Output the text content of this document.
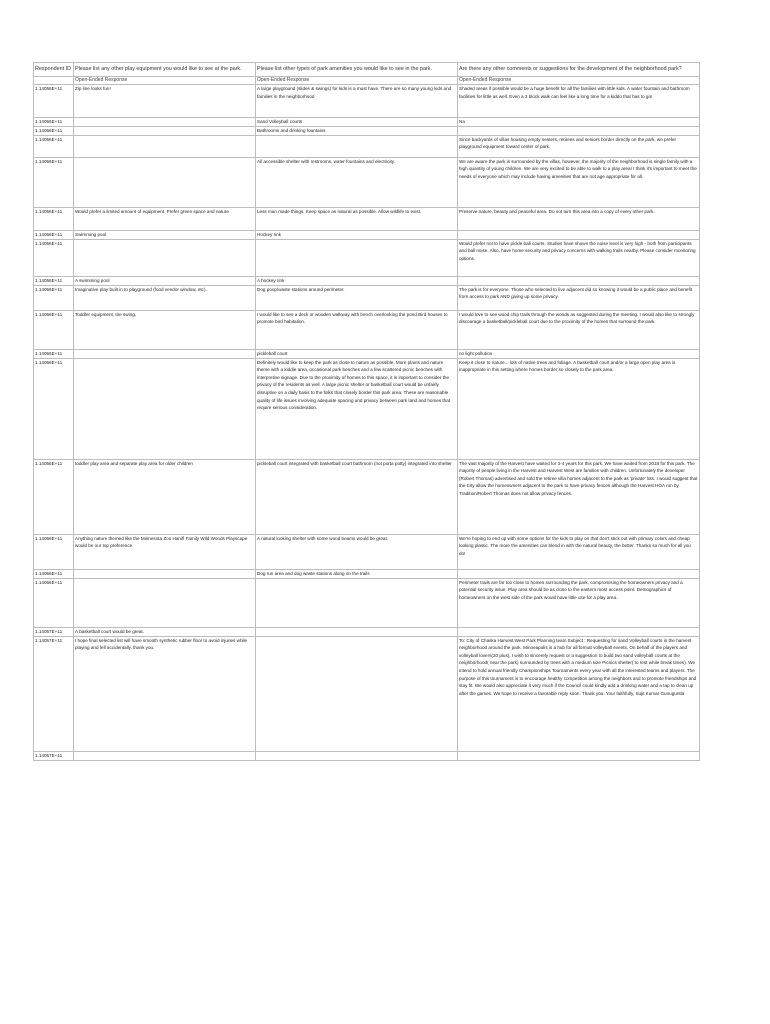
Respondent ID	Please list any other play equipment you would like to see at the park.	Please list other types of park amenities you would like to see in the park.	Are there any other comments or suggestions for the development of the neighborhood park?
	Open-Ended Response	Open-Ended Response	Open-Ended Response
1.14056E+11	Zip line looks fun!	A large playground (slides & swings) for kids is a must have. There are so many young kids and families in the neighborhood	Shaded areas if possible would be a huge benefit for all the families with little kids. A water fountain and bathroom facilities for little as well. Even a 3 block walk can feel like a long time for a kiddo that has to go!
1.14056E+11		Sand Volleyball courts	Na
1.14056E+11		Bathrooms and drinking fountains	
1.14056E+11			Since backyards of villas housing empty nesters, retirees and seniors border directly on the park, we prefer playground equipment toward center of park.
1.14056E+11		All accessible shelter with restrooms, water fountains and electricity.	We are aware the park is surrounded by the villas, however, the majority of the neighborhood is single family with a high quantity of young children. We are very excited to be able to walk to a play area! I think it's important to meet the needs of everyone which may include having amenities that are not age appropriate for all.
1.14056E+11	Would prefer a limited amount of equipment. Prefer green space and nature	Less man made things. Keep space as natural as possible. Allow wildlife to exist.	Preserve nature, beauty and peaceful area. Do not turn this area into a copy of every other park.
1.14056E+11	Swimming pool	Hockey rink	
1.14056E+11			Would prefer not to have pickle ball courts. Studies have shown the noise level is very high - both from participants and ball noise. Also, have home security and privacy concerns with walking trails nearby. Please consider monitoring options.
1.14056E+11	A swimming pool	A hockey rink	
1.14056E+11	Imaginative play built in to playground (food vendor window, etc).	Dog poop/waste stations around perimeter.	The park is for everyone. Those who selected to live adjacent did so knowing it would be a public place and benefit from access to park AND giving up some privacy.
1.14056E+11	Toddler equipment, tire swing,	I would like to see a deck or wooden walkway with bench overlooking the pond.Bird houses to promote bird habitation.	I would love to see wood chip trails through the woods as suggested during the meeting. I would also like to strongly discourage a basketball/pickleball court due to the proximity of the homes that surround the park.
1.14056E+11		pickleball court	no light pollution
1.14056E+11		Definitely would like to keep the park as close to nature as possible. More plants and nature theme with a kiddie area, occasional park benches and a few scattered picnic benches with interpretive signage. Due to the proximity of homes to this space, it is important to consider the privacy of the residents as well. A large picnic shelter or basketball court would be unfairly disruptive on a daily basis to the folks that closely border this park area. These are reasonable quality of life issues involving adequate spacing and privacy between park land and homes that require serious consideration.	Keep it close to nature... lots of native trees and foliage. A basketball court and/or a large open play area is inappropriate in this setting where homes border so closely to the park area.
1.14056E+11	toddler play area and separate play area for older children	pickleball court integrated with basketball court bathroom (not porta potty) integrated into shelter	The vast majority of the Harvest have waited for 3-4 years for this park. We have waited from 2018 for this park. The majority of people living in the Harvest and Harvest West are families with children. Unfortunately the developer (Robert Thomas) advertised and sold the retiree villa homes adjacent to the park as 'private' lots. I would suggest that the City allow the homeowners adjacent to the park to have privacy fences although the Harvest HOA run by Tradition/Robert Thomas does not allow privacy fences.
1.14056E+11	Anything nature themed like the Minnesota Zoo Hanifl Family Wild Woods Playscape would be our top preference.	A natural looking shelter with some wood beams would be great.	We're hoping to end up with some options for the kids to play on that don't stick out with primary colors and cheap looking plastic. The more the amenities can blend in with the natural beauty, the better. Thanks so much for all you do!
1.14056E+11		Dog run area and dog waste stations along on the trails	
1.14056E+11			Perimeter trails are far too close to homes surrounding the park, compromising the homeowners privacy and a potential security issue. Play area should be as close to the eastern most access point. Demographics of homeowners on the west side of the park would have little use for a play area.
1.14057E+11	A basketball court would be great.		
1.14057E+11	I hope final selected list will have smooth synthetic rubber floor to avoid injuries while playing and fell accidentally. thank you.		To: City of Chaska Harvest West Park Planning team Subject : Requesting for sand Volleyball courts in the harvest neighborhood around the park. Minneapolis is a hub for all format volleyball events, On behalf of the players and volleyball lovers(20 plus), I wish to sincerely request or a suggestion to build two sand volleyball courts at the neighborhood( near the park) surrounded by trees with a medium size Picnics shelter( to rest while break times). We intend to hold annual friendly Championships Tournaments every year with all the interested teams and players. The purpose of this tournament is to encourage healthy competition among the neighbors and to promote friendships and stay fit. We would also appreciate it very much if the Council could kindly add a drinking water and a tap to clean up after the games. We hope to receive a favorable reply soon. Thank you. Your faithfully, Sujit Kumar Gunuguntla
1.14057E+11			
